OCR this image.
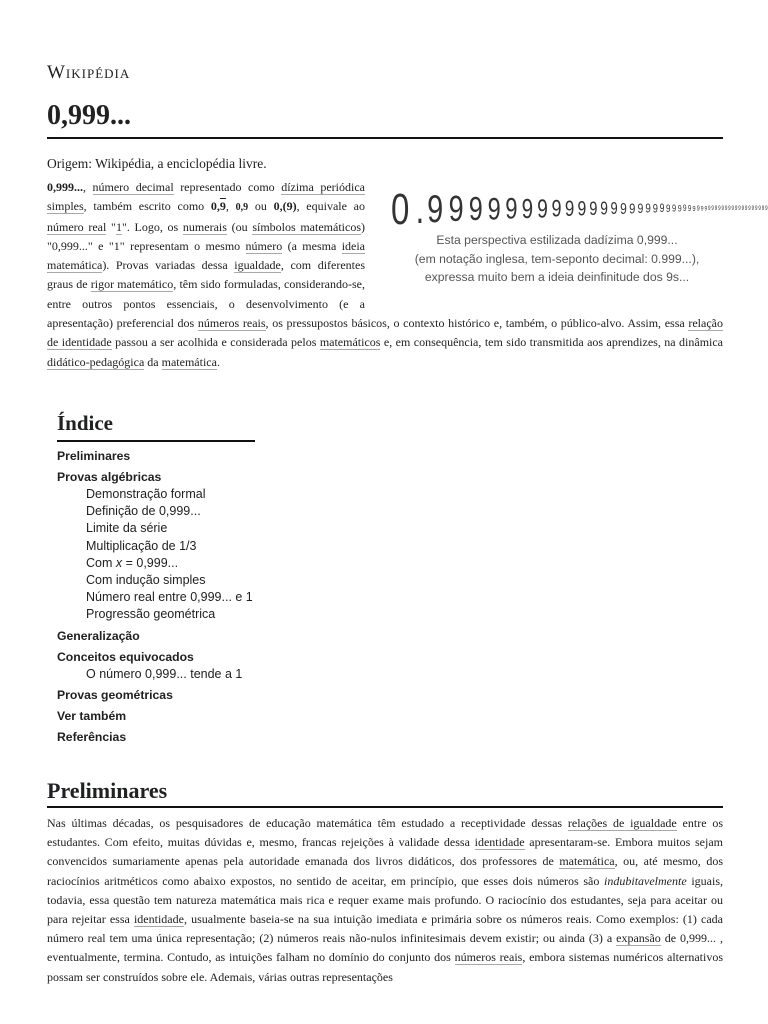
Wikipédia
0,999...
Origem: Wikipédia, a enciclopédia livre.

0 . 9 9 9 9 9 9 9 9 9 9 9 9 9 9 9 9 9 9 9 9 9 9 9 9 9 9 9 9 9 9 9 9 9 9 9 9 9 9 9 9 9 9 9 9 9 9
Esta perspectiva estilizada dadízima 0,999...
(em notação inglesa, tem-seponto decimal: 0.999...),
expressa muito bem a ideia deinfinitude dos 9s...
0,999..., número decimal representado como dízima periódica simples, também escrito como 0,9, 0,9 ou 0,(9), equivale ao número real "1". Logo, os numerais (ou símbolos matemáticos) "0,999..." e "1" representam o mesmo número (a mesma ideia matemática). Provas variadas dessa igualdade, com diferentes graus de rigor matemático, têm sido formuladas, considerando-se, entre outros pontos essenciais, o desenvolvimento (e a apresentação) preferencial dos números reais, os pressupostos básicos, o contexto histórico e, também, o público-alvo. Assim, essa relação de identidade passou a ser acolhida e considerada pelos matemáticos e, em consequência, tem sido transmitida aos aprendizes, na dinâmica didático-pedagógica da matemática.

Índice
Preliminares
Provas algébricas
Demonstração formal
Definição de 0,999...
Limite da série
Multiplicação de 1/3
Com x = 0,999...
Com indução simples
Número real entre 0,999... e 1
Progressão geométrica
Generalização
Conceitos equivocados
O número 0,999... tende a 1
Provas geométricas
Ver também
Referências
Preliminares

Nas últimas décadas, os pesquisadores de educação matemática têm estudado a receptividade dessas relações de igualdade entre os estudantes. Com efeito, muitas dúvidas e, mesmo, francas rejeições à validade dessa identidade apresentaram-se. Embora muitos sejam convencidos sumariamente apenas pela autoridade emanada dos livros didáticos, dos professores de matemática, ou, até mesmo, dos raciocínios aritméticos como abaixo expostos, no sentido de aceitar, em princípio, que esses dois números são indubitavelmente iguais, todavia, essa questão tem natureza matemática mais rica e requer exame mais profundo. O raciocínio dos estudantes, seja para aceitar ou para rejeitar essa identidade, usualmente baseia-se na sua intuição imediata e primária sobre os números reais. Como exemplos: (1) cada número real tem uma única representação; (2) números reais não-nulos infinitesimais devem existir; ou ainda (3) a expansão de 0,999... , eventualmente, termina. Contudo, as intuições falham no domínio do conjunto dos números reais, embora sistemas numéricos alternativos possam ser construídos sobre ele. Ademais, várias outras representações
